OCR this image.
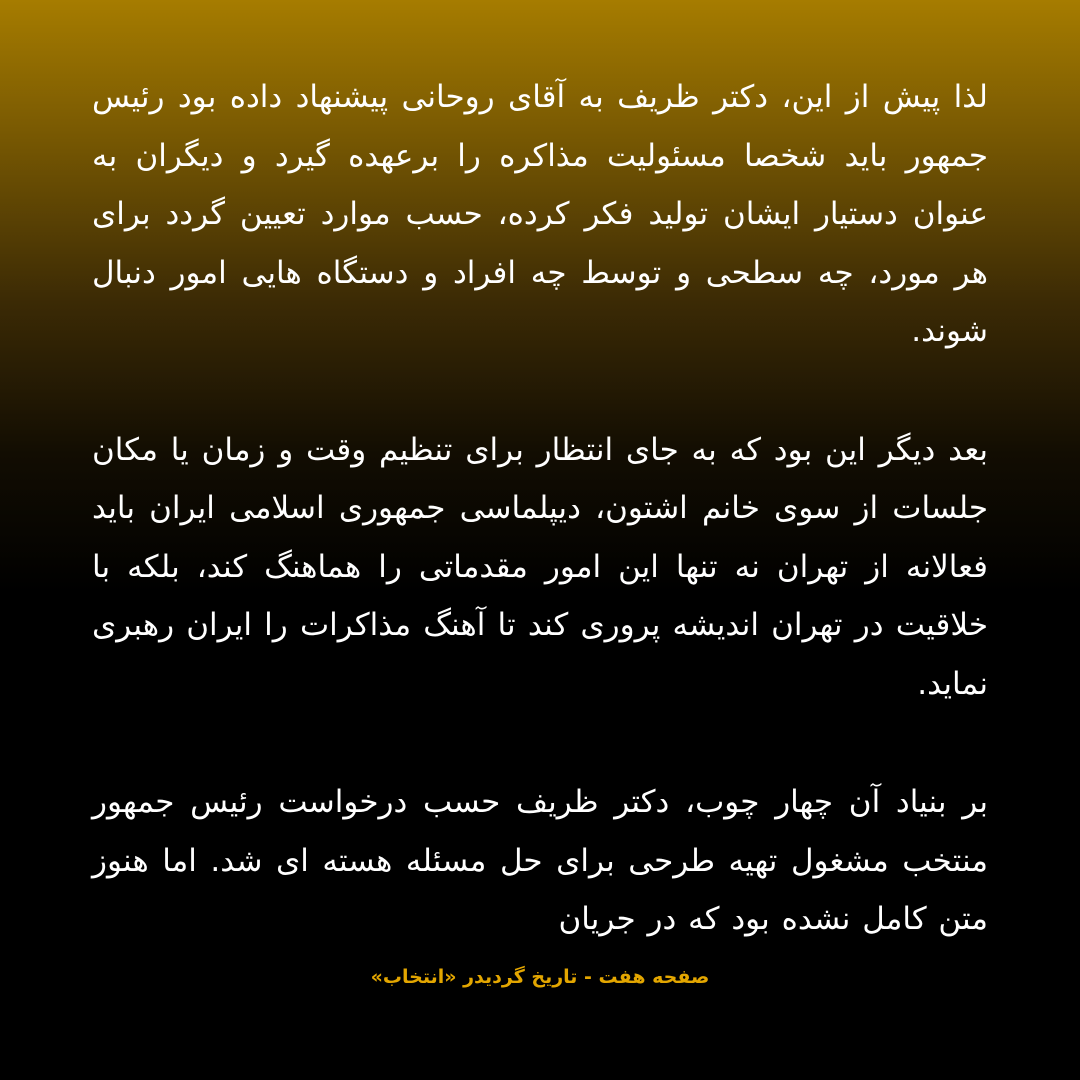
لذا پیش از این، دکتر ظریف به آقای روحانی پیشنهاد داده بود رئیس جمهور باید شخصا مسئولیت مذاکره را برعهده گیرد و دیگران به عنوان دستیار ایشان تولید فکر کرده، حسب موارد تعیین گردد برای هر مورد، چه سطحی و توسط چه افراد و دستگاه هایی امور دنبال شوند.

بعد دیگر این بود که به جای انتظار برای تنظیم وقت و زمان یا مکان جلسات از سوی خانم اشتون، دیپلماسی جمهوری اسلامی ایران باید فعالانه از تهران نه تنها این امور مقدماتی را هماهنگ کند، بلکه با خلاقیت در تهران اندیشه پروری کند تا آهنگ مذاکرات را ایران رهبری نماید.

بر بنیاد آن چهار چوب، دکتر ظریف حسب درخواست رئیس جمهور منتخب مشغول تهیه طرحی برای حل مسئله هسته ای شد. اما هنوز متن کامل نشده بود که در جریان

صفحه هفت - تاریخ گردیدر «انتخاب»
